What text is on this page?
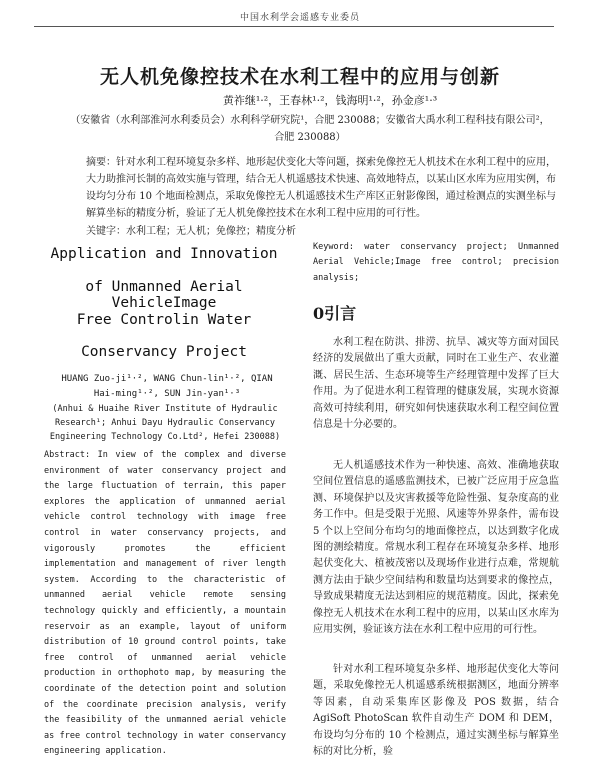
中国水利学会遥感专业委员
无人机免像控技术在水利工程中的应用与创新
黄祚继¹·²，王春林¹·²，钱海明¹·²，孙金彦¹·³
（安徽省（水利部淮河水利委员会）水利科学研究院¹，合肥 230088；安徽省大禹水利工程科技有限公司²，合肥 230088）
摘要：针对水利工程环境复杂多样、地形起伏变化大等问题，探索免像控无人机技术在水利工程中的应用，大力助推河长制的高效实施与管理，结合无人机遥感技术快速、高效地特点，以某山区水库为应用实例，布设均匀分布 10 个地面检测点，采取免像控无人机遥感技术生产库区正射影像图，通过检测点的实测坐标与解算坐标的精度分析，验证了无人机免像控技术在水利工程中应用的可行性。
关键字：水利工程；无人机；免像控；精度分析
Application and Innovation
of Unmanned Aerial VehicleImage
Free Controlin Water
Conservancy Project
HUANG Zuo-ji¹·², WANG Chun-lin¹·², QIAN Hai-ming¹·², SUN Jin-yan¹·³
(Anhui & Huaihe River Institute of Hydraulic Research¹; Anhui Dayu Hydraulic Conservancy Engineering Technology Co.Ltd², Hefei 230088)
Abstract: In view of the complex and diverse environment of water conservancy project and the large fluctuation of terrain, this paper explores the application of unmanned aerial vehicle control technology with image free control in water conservancy projects, and vigorously promotes the efficient implementation and management of river length system. According to the characteristic of unmanned aerial vehicle remote sensing technology quickly and efficiently, a mountain reservoir as an example, layout of uniform distribution of 10 ground control points, take free control of unmanned aerial vehicle production in orthophoto map, by measuring the coordinate of the detection point and solution of the coordinate precision analysis, verify the feasibility of the unmanned aerial vehicle as free control technology in water conservancy engineering application.
Keyword: water conservancy project; Unmanned Aerial Vehicle;Image free control; precision analysis;
0引言
水利工程在防洪、排涝、抗旱、减灾等方面对国民经济的发展做出了重大贡献，同时在工业生产、农业灌溉、居民生活、生态环境等生产经理管理中发挥了巨大作用。为了促进水利工程管理的健康发展，实现水资源高效可持续利用，研究如何快速获取水利工程空间位置信息是十分必要的。
无人机遥感技术作为一种快速、高效、准确地获取空间位置信息的遥感监测技术，已被广泛应用于应急监测、环境保护以及灾害救援等危险性强、复杂度高的业务工作中。但是受限于光照、风速等外界条件，需布设 5 个以上空间分布均匀的地面像控点，以达到数字化成图的测绘精度。常规水利工程存在环境复杂多样、地形起伏变化大、植被茂密以及现场作业进行点难，常规航测方法由于缺少空间结构和数量均达到要求的像控点，导致成果精度无法达到相应的规范精度。因此，探索免像控无人机技术在水利工程中的应用，以某山区水库为应用实例，验证该方法在水利工程中应用的可行性。
针对水利工程环境复杂多样、地形起伏变化大等问题，采取免像控无人机遥感系统根据测区，地面分辨率等因素，自动采集库区影像及 POS 数据，结合 AgiSoft PhotoScan 软件自动生产 DOM 和 DEM，布设均匀分布的 10 个检测点，通过实测坐标与解算坐标的对比分析，验
